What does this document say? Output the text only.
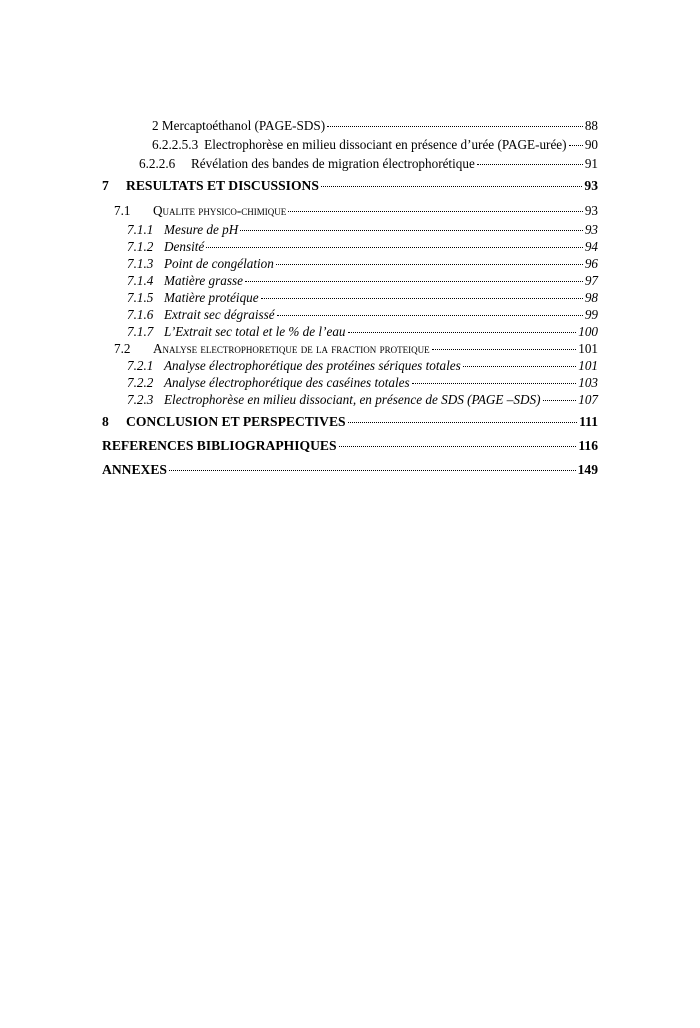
2 Mercaptoéthanol (PAGE-SDS)	88
6.2.2.5.3 Electrophorèse en milieu dissociant en présence d’urée (PAGE-urée) 90
6.2.2.6	Révélation des bandes de migration électrophorétique	91
7	RESULTATS ET DISCUSSIONS	93
7.1	Qualite physico-chimique	93
7.1.1 Mesure de pH	93
7.1.2 Densité	94
7.1.3 Point de congélation	96
7.1.4 Matière grasse	97
7.1.5 Matière protéique	98
7.1.6 Extrait sec dégraissé	99
7.1.7 L’Extrait sec total et le % de l’eau	100
7.2	Analyse electrophoretique de la fraction proteique	101
7.2.1 Analyse électrophorétique des protéines sériques totales	101
7.2.2 Analyse électrophorétique des caséines totales	103
7.2.3 Electrophorèse en milieu dissociant, en présence de SDS (PAGE –SDS)	107
8	CONCLUSION ET PERSPECTIVES	111
REFERENCES BIBLIOGRAPHIQUES	116
ANNEXES	149
